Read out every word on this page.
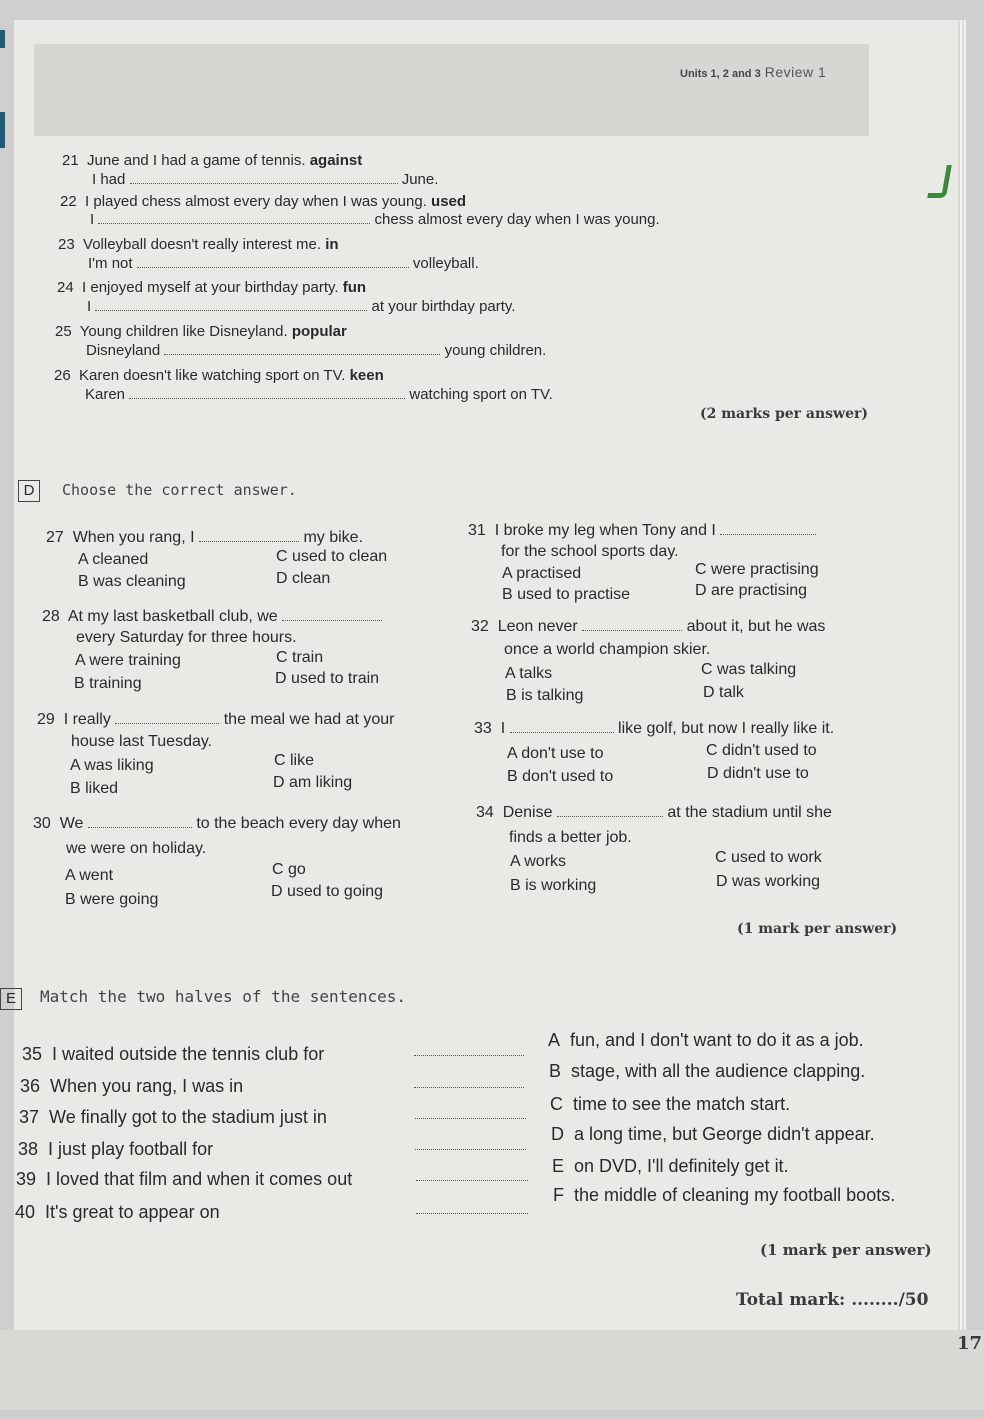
Units 1, 2 and 3 Review 1
21 June and I had a game of tennis. against
I had	June.
22 I played chess almost every day when I was young. used
I	chess almost every day when I was young.
23 Volleyball doesn't really interest me. in
I'm not	volleyball.
24 I enjoyed myself at your birthday party. fun
I	at your birthday party.
25 Young children like Disneyland. popular
Disneyland	young children.
26 Karen doesn't like watching sport on TV. keen
Karen	watching sport on TV.
(2 marks per answer)
D	Choose the correct answer.
27 When you rang, I	my bike.
A cleaned
B was cleaning
C used to clean
D clean
28 At my last basketball club, we
every Saturday for three hours.
A were training
B training
C train
D used to train
29 I really	the meal we had at your
house last Tuesday.
A was liking
B liked
C like
D am liking
30 We	to the beach every day when
we were on holiday.
A went
B were going
C go
D used to going
31 I broke my leg when Tony and I
for the school sports day.
A practised
B used to practise
C were practising
D are practising
32 Leon never	about it, but he was
once a world champion skier.
A talks
B is talking
C was talking
D talk
33 I	like golf, but now I really like it.
A don't use to
B don't used to
C didn't used to
D didn't use to
34 Denise	at the stadium until she
finds a better job.
A works
B is working
C used to work
D was working
(1 mark per answer)
E	Match the two halves of the sentences.
35 I waited outside the tennis club for
36 When you rang, I was in
37 We finally got to the stadium just in
38 I just play football for
39 I loved that film and when it comes out
40 It's great to appear on
A fun, and I don't want to do it as a job.
B stage, with all the audience clapping.
C time to see the match start.
D a long time, but George didn't appear.
E on DVD, I'll definitely get it.
F the middle of cleaning my football boots.
(1 mark per answer)
Total mark: ......../50
17
